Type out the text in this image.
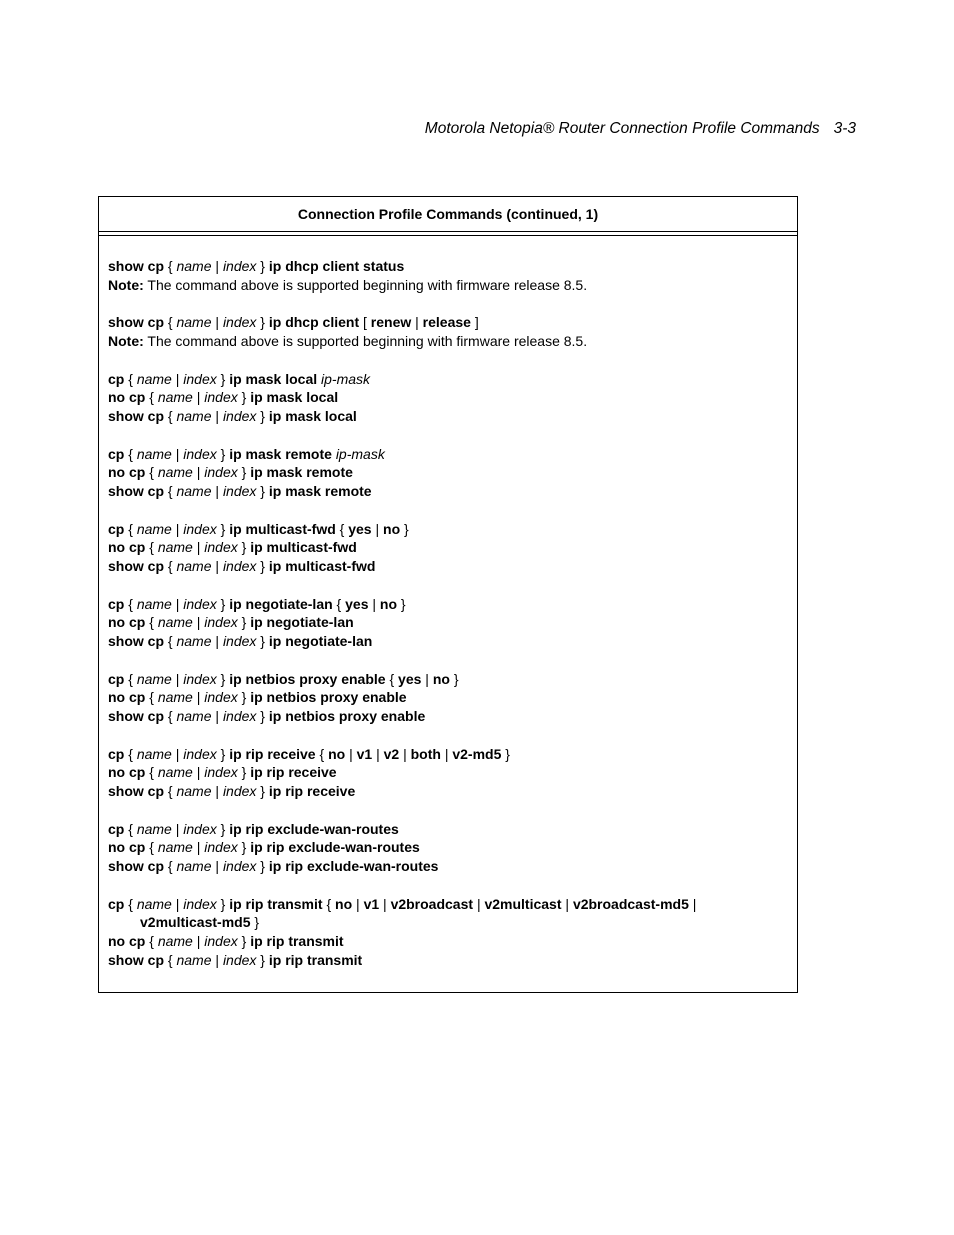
Motorola Netopia® Router Connection Profile Commands 3-3
Connection Profile Commands (continued, 1)
show cp { name | index } ip dhcp client status
Note: The command above is supported beginning with firmware release 8.5.
show cp { name | index } ip dhcp client [ renew | release ]
Note: The command above is supported beginning with firmware release 8.5.
cp { name | index } ip mask local ip-mask
no cp { name | index } ip mask local
show cp { name | index } ip mask local
cp { name | index } ip mask remote ip-mask
no cp { name | index } ip mask remote
show cp { name | index } ip mask remote
cp { name | index } ip multicast-fwd { yes | no }
no cp { name | index } ip multicast-fwd
show cp { name | index } ip multicast-fwd
cp { name | index } ip negotiate-lan { yes | no }
no cp { name | index } ip negotiate-lan
show cp { name | index } ip negotiate-lan
cp { name | index } ip netbios proxy enable { yes | no }
no cp { name | index } ip netbios proxy enable
show cp { name | index } ip netbios proxy enable
cp { name | index } ip rip receive { no | v1 | v2 | both | v2-md5 }
no cp { name | index } ip rip receive
show cp { name | index } ip rip receive
cp { name | index } ip rip exclude-wan-routes
no cp { name | index } ip rip exclude-wan-routes
show cp { name | index } ip rip exclude-wan-routes
cp { name | index } ip rip transmit { no | v1 | v2broadcast | v2multicast | v2broadcast-md5 |
v2multicast-md5 }
no cp { name | index } ip rip transmit
show cp { name | index } ip rip transmit
